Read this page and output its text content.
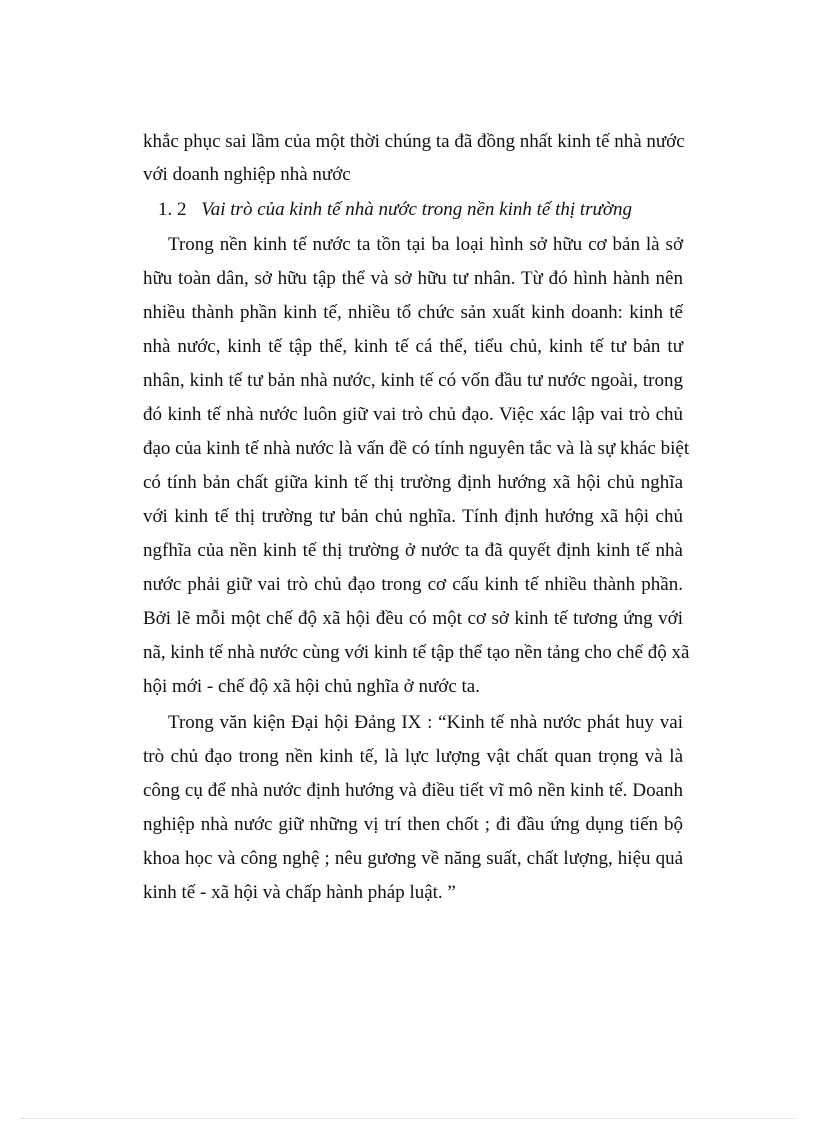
khắc phục sai lầm của một thời chúng ta đã đồng nhất kinh tế nhà nước
với doanh nghiệp nhà nước
1. 2 Vai trò của kinh tế nhà nước trong nền kinh tế thị trường
Trong nền kinh tế nước ta tồn tại ba loại hình sở hữu cơ bản là sở
hữu toàn dân, sở hữu tập thể và sở hữu tư nhân. Từ đó hình hành nên
nhiều thành phần kinh tế, nhiều tổ chức sản xuất kinh doanh: kinh tế
nhà nước, kinh tế tập thể, kinh tế cá thể, tiểu chủ, kinh tế tư bản tư
nhân, kinh tế tư bản nhà nước, kinh tế có vốn đầu tư nước ngoài, trong
đó kinh tế nhà nước luôn giữ vai trò chủ đạo. Việc xác lập vai trò chủ
đạo của kinh tế nhà nước là vấn đề có tính nguyên tắc và là sự khác biệt
có tính bản chất giữa kinh tế thị trường định hướng xã hội chủ nghĩa
với kinh tế thị trường tư bản chủ nghĩa. Tính định hướng xã hội chủ
ngfhĩa của nền kinh tế thị trường ở nước ta đã quyết định kinh tế nhà
nước phải giữ vai trò chủ đạo trong cơ cấu kinh tế nhiều thành phần.
Bởi lẽ mỗi một chế độ xã hội đều có một cơ sở kinh tế tương ứng với
nã, kinh tế nhà nước cùng với kinh tế tập thể tạo nền tảng cho chế độ xã
hội mới - chế độ xã hội chủ nghĩa ở nước ta.
Trong văn kiện Đại hội Đảng IX : “Kinh tế nhà nước phát huy vai
trò chủ đạo trong nền kinh tế, là lực lượng vật chất quan trọng và là
công cụ để nhà nước định hướng và điều tiết vĩ mô nền kinh tế. Doanh
nghiệp nhà nước giữ những vị trí then chốt ; đi đầu ứng dụng tiến bộ
khoa học và công nghệ ; nêu gương về năng suất, chất lượng, hiệu quả
kinh tế - xã hội và chấp hành pháp luật. ”
